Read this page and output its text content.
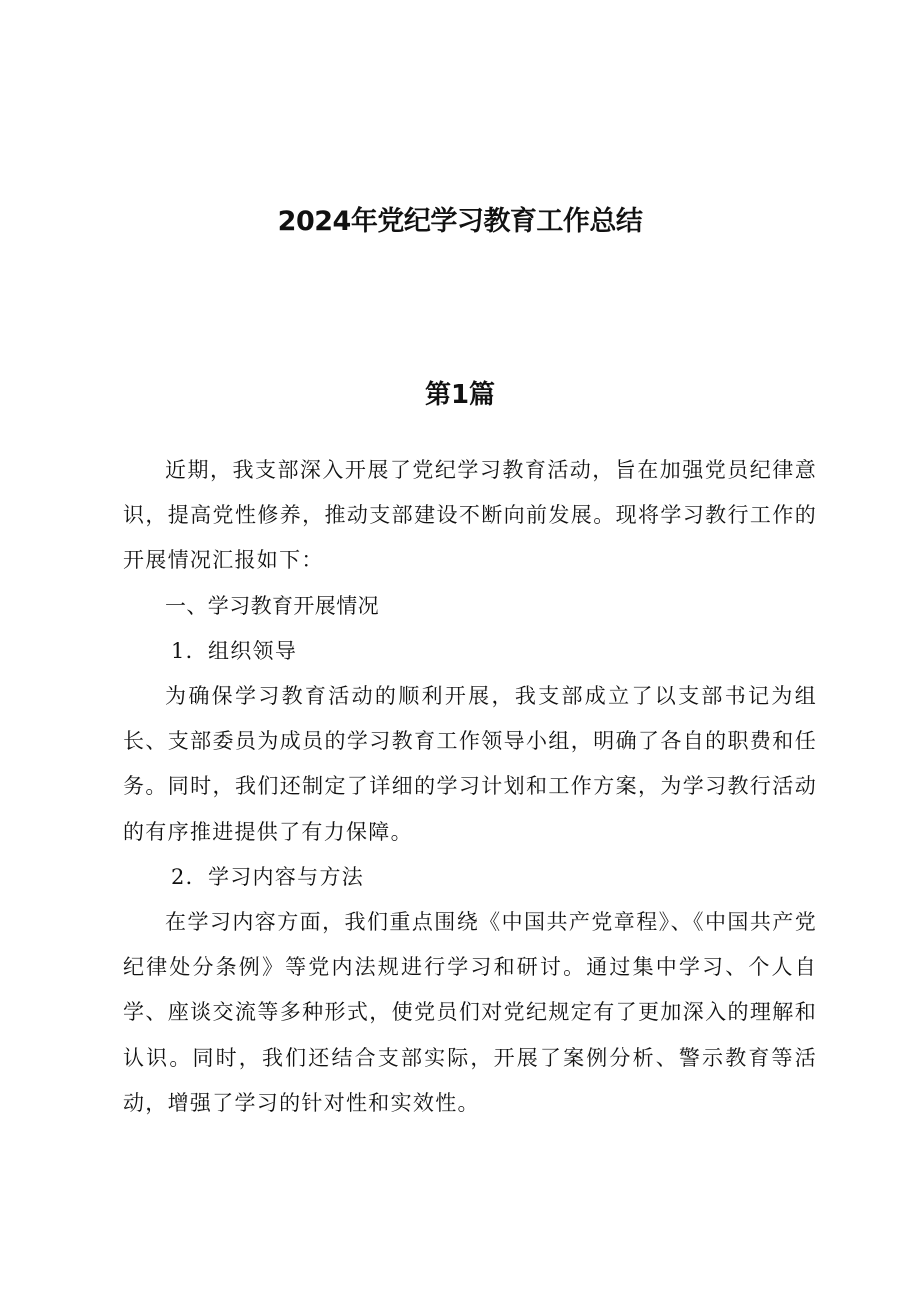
2024年党纪学习教育工作总结
第1篇

近期，我支部深入开展了党纪学习教育活动，旨在加强党员纪律意识，提高党性修养，推动支部建设不断向前发展。现将学习教行工作的开展情况汇报如下：

一、学习教育开展情况

1．组织领导

为确保学习教育活动的顺利开展，我支部成立了以支部书记为组长、支部委员为成员的学习教育工作领导小组，明确了各自的职费和任务。同时，我们还制定了详细的学习计划和工作方案，为学习教行活动的有序推进提供了有力保障。

2．学习内容与方法

在学习内容方面，我们重点围绕《中国共产党章程》、《中国共产党纪律处分条例》等党内法规进行学习和研讨。通过集中学习、个人自学、座谈交流等多种形式，使党员们对党纪规定有了更加深入的理解和认识。同时，我们还结合支部实际，开展了案例分析、警示教育等活动，增强了学习的针对性和实效性。
